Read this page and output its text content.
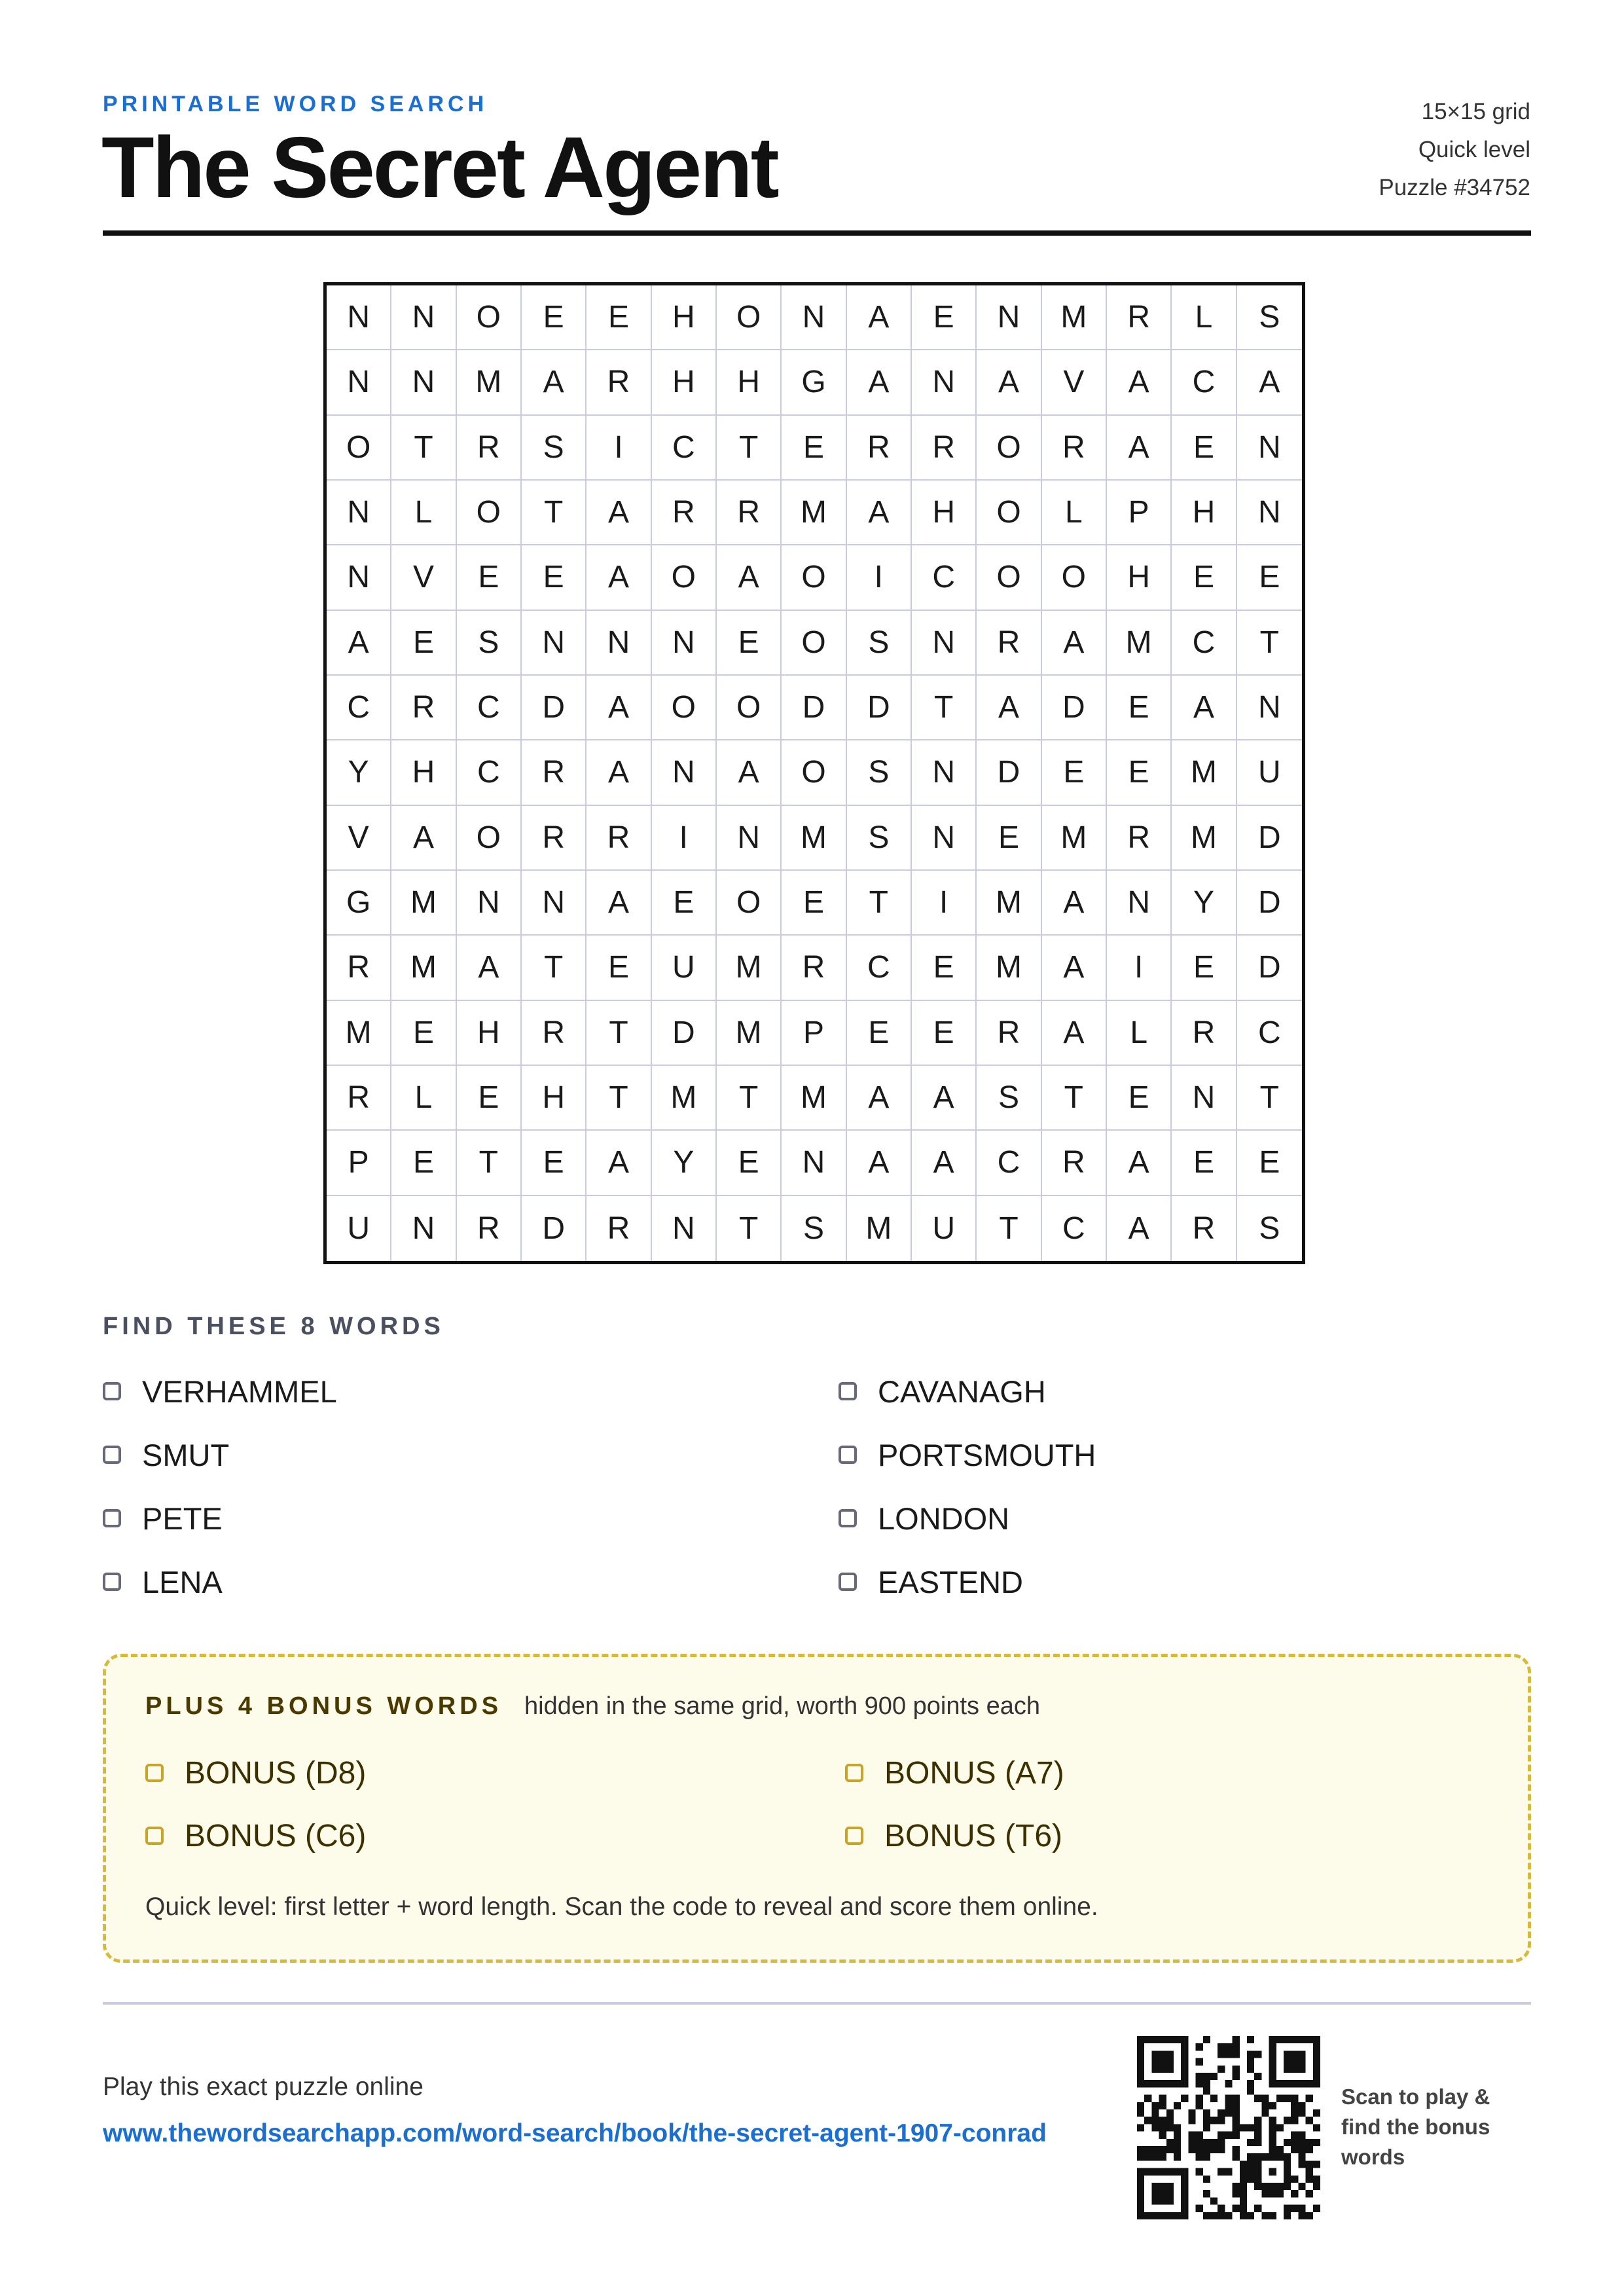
PRINTABLE WORD SEARCH
The Secret Agent
15×15 grid
Quick level
Puzzle #34752
N	N	O	E	E	H	O	N	A	E	N	M	R	L	S
N	N	M	A	R	H	H	G	A	N	A	V	A	C	A
O	T	R	S	I	C	T	E	R	R	O	R	A	E	N
N	L	O	T	A	R	R	M	A	H	O	L	P	H	N
N	V	E	E	A	O	A	O	I	C	O	O	H	E	E
A	E	S	N	N	N	E	O	S	N	R	A	M	C	T
C	R	C	D	A	O	O	D	D	T	A	D	E	A	N
Y	H	C	R	A	N	A	O	S	N	D	E	E	M	U
V	A	O	R	R	I	N	M	S	N	E	M	R	M	D
G	M	N	N	A	E	O	E	T	I	M	A	N	Y	D
R	M	A	T	E	U	M	R	C	E	M	A	I	E	D
M	E	H	R	T	D	M	P	E	E	R	A	L	R	C
R	L	E	H	T	M	T	M	A	A	S	T	E	N	T
P	E	T	E	A	Y	E	N	A	A	C	R	A	E	E
U	N	R	D	R	N	T	S	M	U	T	C	A	R	S
FIND THESE 8 WORDS
VERHAMMEL	CAVANAGH
SMUT	PORTSMOUTH
PETE	LONDON
LENA	EASTEND
PLUS 4 BONUS WORDS hidden in the same grid, worth 900 points each
BONUS (D8)	BONUS (A7)
BONUS (C6)	BONUS (T6)
Quick level: first letter + word length. Scan the code to reveal and score them online.
Play this exact puzzle online
www.thewordsearchapp.com/word-search/book/the-secret-agent-1907-conrad
Scan to play & find the bonus words
